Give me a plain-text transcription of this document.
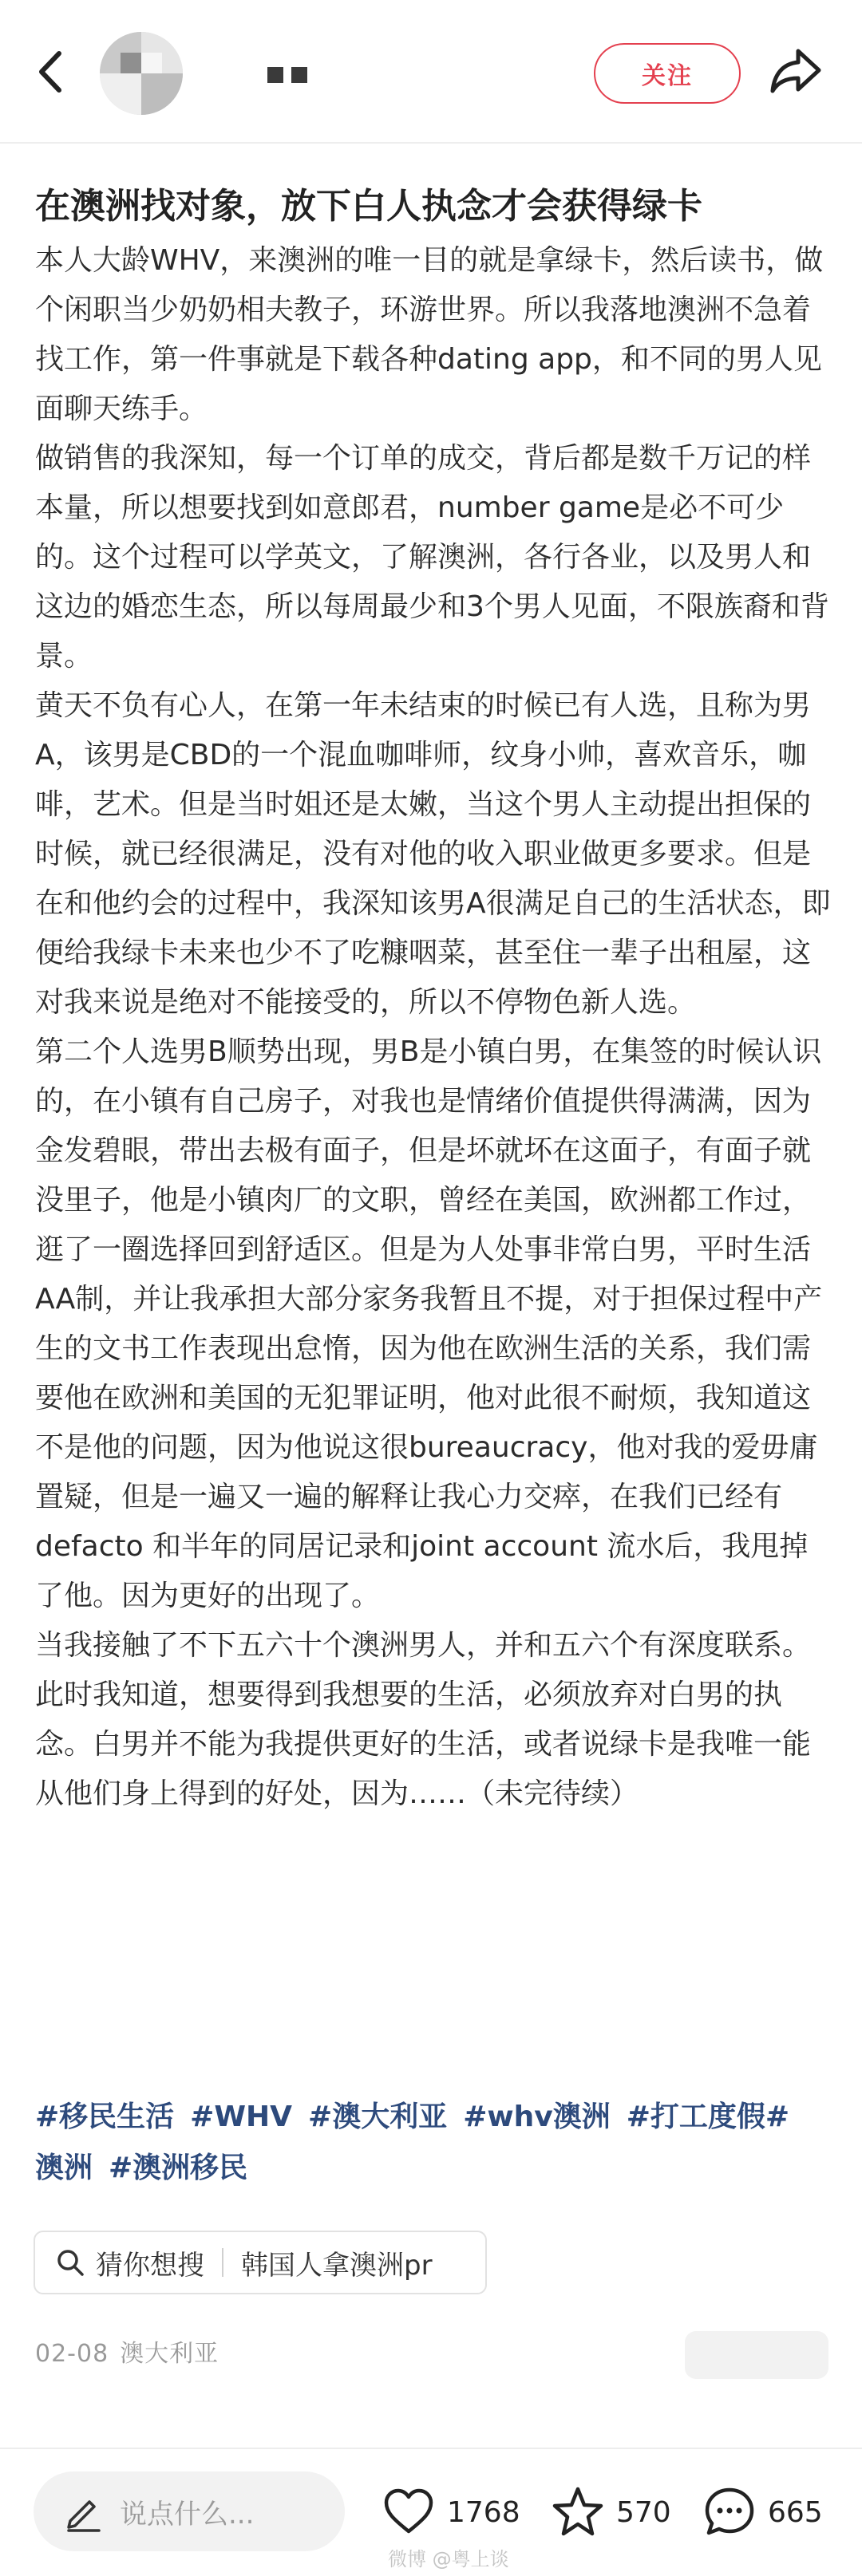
关注
在澳洲找对象，放下白人执念才会获得绿卡

本人大龄WHV，来澳洲的唯一目的就是拿绿卡，然后读书，做个闲职当少奶奶相夫教子，环游世界。所以我落地澳洲不急着找工作，第一件事就是下载各种dating app，和不同的男人见面聊天练手。

做销售的我深知，每一个订单的成交，背后都是数千万记的样本量，所以想要找到如意郎君，number game是必不可少的。这个过程可以学英文，了解澳洲，各行各业，以及男人和这边的婚恋生态，所以每周最少和3个男人见面，不限族裔和背景。

黄天不负有心人，在第一年未结束的时候已有人选，且称为男A，该男是CBD的一个混血咖啡师，纹身小帅，喜欢音乐，咖啡，艺术。但是当时姐还是太嫩，当这个男人主动提出担保的时候，就已经很满足，没有对他的收入职业做更多要求。但是在和他约会的过程中，我深知该男A很满足自己的生活状态，即便给我绿卡未来也少不了吃糠咽菜，甚至住一辈子出租屋，这对我来说是绝对不能接受的，所以不停物色新人选。

第二个人选男B顺势出现，男B是小镇白男，在集签的时候认识的，在小镇有自己房子，对我也是情绪价值提供得满满，因为金发碧眼，带出去极有面子，但是坏就坏在这面子，有面子就没里子，他是小镇肉厂的文职，曾经在美国，欧洲都工作过，逛了一圈选择回到舒适区。但是为人处事非常白男，平时生活AA制，并让我承担大部分家务我暂且不提，对于担保过程中产生的文书工作表现出怠惰，因为他在欧洲生活的关系，我们需要他在欧洲和美国的无犯罪证明，他对此很不耐烦，我知道这不是他的问题，因为他说这很bureaucracy，他对我的爱毋庸置疑，但是一遍又一遍的解释让我心力交瘁，在我们已经有defacto 和半年的同居记录和joint account 流水后，我甩掉了他。因为更好的出现了。

当我接触了不下五六十个澳洲男人，并和五六个有深度联系。此时我知道，想要得到我想要的生活，必须放弃对白男的执念。白男并不能为我提供更好的生活，或者说绿卡是我唯一能从他们身上得到的好处，因为……（未完待续）

#移民生活 #WHV #澳大利亚 #whv澳洲 #打工度假#
澳洲 #澳洲移民
猜你想搜 韩国人拿澳洲pr
02-08 澳大利亚
说点什么...	1768	570	665
微博 @粤上谈
